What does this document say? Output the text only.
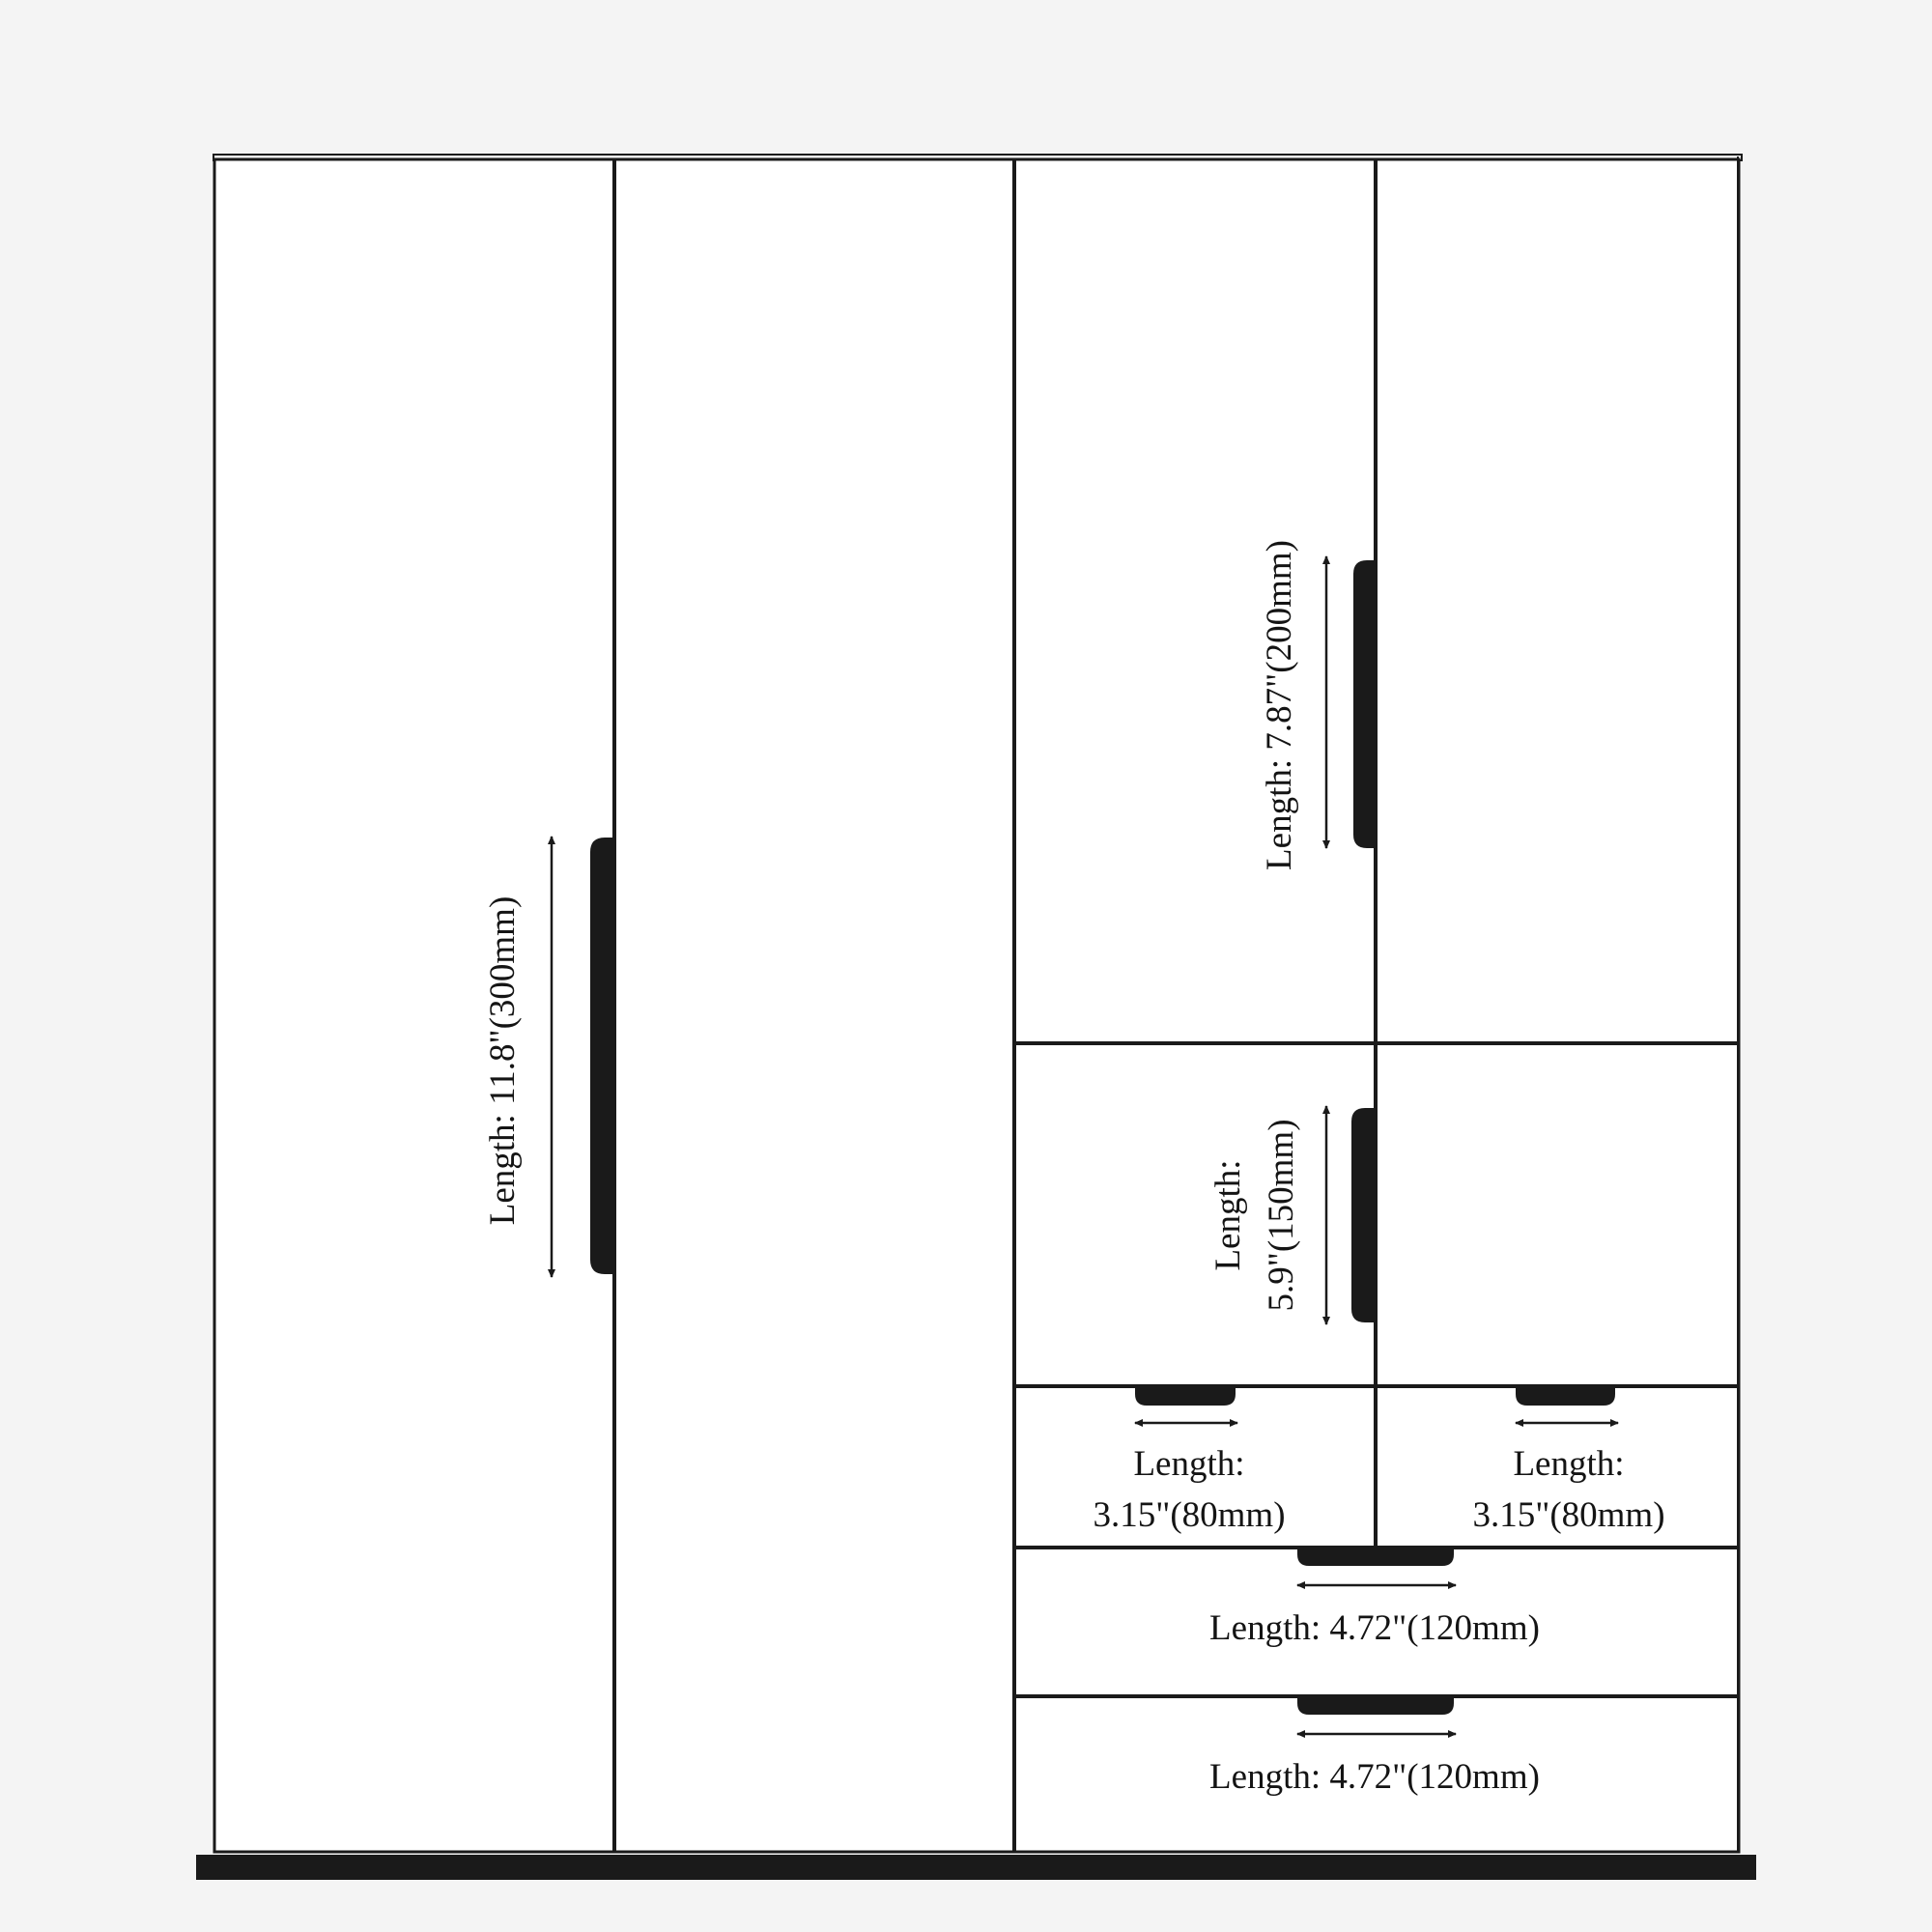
Length: 11.8"(300mm)
Length: 7.87"(200mm)
Length: 5.9"(150mm)
Length:
3.15"(80mm)
Length:
3.15"(80mm)
Length: 4.72"(120mm)
Length: 4.72"(120mm)
